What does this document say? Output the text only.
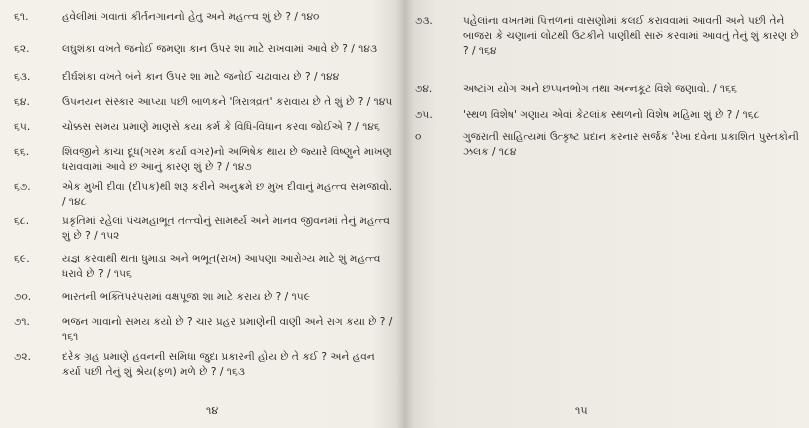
૬૧.	હવેલીમાં ગવાતાં કીર્તનગાનનો હેતુ અને મહત્ત્વ શું છે ? / ૧૪૦
૬૨.	લઘુશંકા વખતે જનોઈ જમણા કાન ઉપર શા માટે રાખવામાં આવે છે ? / ૧૪૩
૬૩.	દીર્ઘશંકા વખતે બંને કાન ઉપર શા માટે જનોઈ ચઢાવાય છે ? / ૧૪૪
૬૪.	ઉપનયન સંસ્કાર આપ્યા પછી બાળકને 'ત્રિરાત્રવ્રત' કરાવાય છે તે શું છે ? / ૧૪૫
૬૫.	ચોક્કસ સમય પ્રમાણે માણસે કયા કર્મ કે વિધિ-વિધાન કરવા જોઈએ ? / ૧૪૬
૬૬.	શિવજીને કાચા દૂધ(ગરમ કર્યા વગર)નો અભિષેક થાય છે જ્યારે વિષ્ણુને માખણ ધરાવવામાં આવે છ આનું કારણ શું છે ? / ૧૪૭
૬૭.	એક મુખી દીવા (દીપક)થી શરૂ કરીને અનુક્રમે છ મુખ દીવાનું મહત્ત્વ સમજાવો. / ૧૪૮
૬૮.	પ્રકૃતિમાં રહેલાં પંચમહાભૂત તત્ત્વોનું સામર્થ્ય અને માનવ જીવનમાં તેનું મહત્ત્વ શું છે ? / ૧૫૨
૬૯.	યજ્ઞ કરવાથી થતા ધુમાડા અને ભભૂત(રાખ) આપણા આરોગ્ય માટે શું મહત્ત્વ ધરાવે છે ? / ૧૫૬
૭૦.	ભારતની ભક્તિપરંપરામાં વક્ષપૂજા શા માટે કરાય છે ? / ૧૫૯
૭૧.	ભજન ગાવાનો સમય કયો છે ? ચાર પ્રહર પ્રમાણેની વાણી અને રાગ કયા છે ? / ૧૬૧
૭૨.	દરેક ગ્રહ પ્રમાણે હવનની સમિધા જુદા પ્રકારની હોય છે તે કઈ ? અને હવન કર્યા પછી તેનું શું શ્રેય(ફળ) મળે છે ? / ૧૬૩
૧૪
૭૩.	પહેલાંના વખતમાં પિત્તળનાં વાસણોમાં કલઈ કરાવવામાં આવતી અને પછી તેને બાજરા કે ચણાનાં લોટથી ઉટકીને પાણીથી સારું કરવામાં આવતું તેનું શું કારણ છે ? / ૧૬૪
૭૪.	અષ્ટાંગ યોગ અને છપ્પનભોગ તથા અન્નકૂટ વિશે જણાવો. / ૧૬૬
૭૫.	'સ્થળ વિશેષ' ગણાય એવાં કેટલાંક સ્થળનો વિશેષ મહિમા શું છે ? / ૧૬૮
૦	ગુજરાતી સાહિત્યમાં ઉત્કૃષ્ટ પ્રદાન કરનાર સર્જક 'રેખા દવેના પ્રકાશિત પુસ્તકોની ઝલક / ૧૮૪
૧૫
